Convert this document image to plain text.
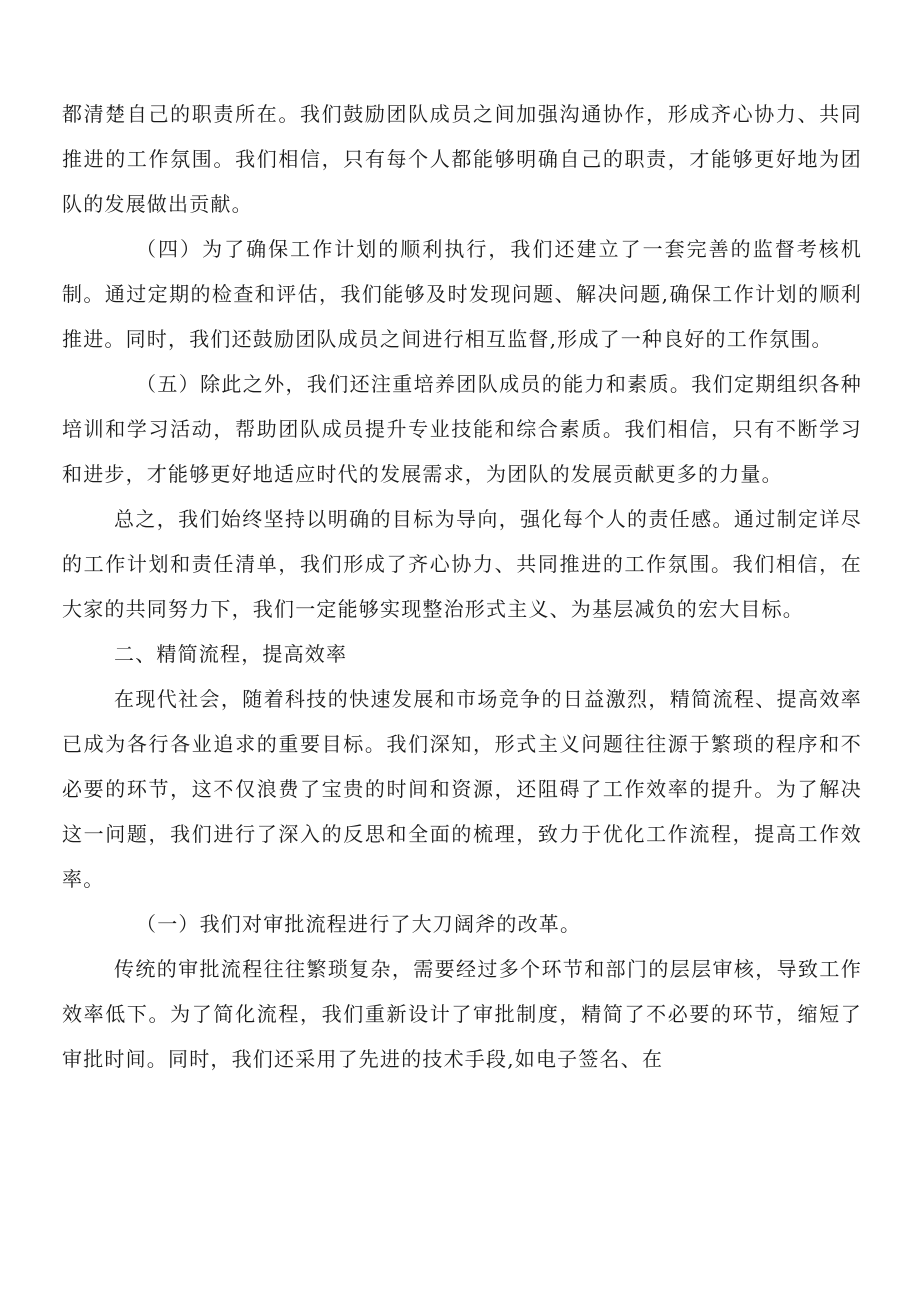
都清楚自己的职责所在。我们鼓励团队成员之间加强沟通协作，形成齐心协力、共同推进的工作氛围。我们相信，只有每个人都能够明确自己的职责，才能够更好地为团队的发展做出贡献。

（四）为了确保工作计划的顺利执行，我们还建立了一套完善的监督考核机制。通过定期的检查和评估，我们能够及时发现问题、解决问题,确保工作计划的顺利推进。同时，我们还鼓励团队成员之间进行相互监督,形成了一种良好的工作氛围。

（五）除此之外，我们还注重培养团队成员的能力和素质。我们定期组织各种培训和学习活动，帮助团队成员提升专业技能和综合素质。我们相信，只有不断学习和进步，才能够更好地适应时代的发展需求，为团队的发展贡献更多的力量。

总之，我们始终坚持以明确的目标为导向，强化每个人的责任感。通过制定详尽的工作计划和责任清单，我们形成了齐心协力、共同推进的工作氛围。我们相信，在大家的共同努力下，我们一定能够实现整治形式主义、为基层减负的宏大目标。

二、精简流程，提高效率

在现代社会，随着科技的快速发展和市场竞争的日益激烈，精简流程、提高效率已成为各行各业追求的重要目标。我们深知，形式主义问题往往源于繁琐的程序和不必要的环节，这不仅浪费了宝贵的时间和资源，还阻碍了工作效率的提升。为了解决这一问题，我们进行了深入的反思和全面的梳理，致力于优化工作流程，提高工作效率。

（一）我们对审批流程进行了大刀阔斧的改革。

传统的审批流程往往繁琐复杂，需要经过多个环节和部门的层层审核，导致工作效率低下。为了简化流程，我们重新设计了审批制度，精简了不必要的环节，缩短了审批时间。同时，我们还采用了先进的技术手段,如电子签名、在
